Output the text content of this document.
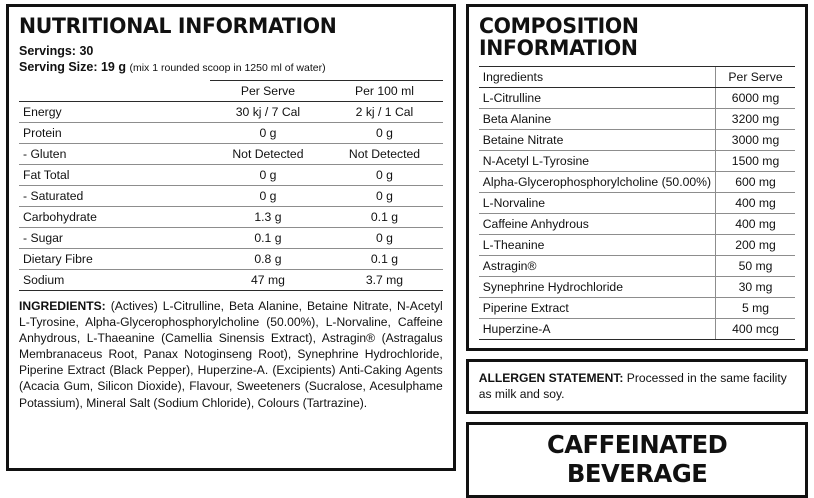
NUTRITIONAL INFORMATION
Servings: 30
Serving Size: 19 g (mix 1 rounded scoop in 1250 ml of water)
	Per Serve	Per 100 ml
Energy	30 kj / 7 Cal	2 kj / 1 Cal
Protein	0 g	0 g
- Gluten	Not Detected	Not Detected
Fat Total	0 g	0 g
- Saturated	0 g	0 g
Carbohydrate	1.3 g	0.1 g
- Sugar	0.1 g	0 g
Dietary Fibre	0.8 g	0.1 g
Sodium	47 mg	3.7 mg
INGREDIENTS: (Actives) L-Citrulline, Beta Alanine, Betaine Nitrate, N-Acetyl L-Tyrosine, Alpha-Glycerophosphorylcholine (50.00%), L-Norvaline, Caffeine Anhydrous, L-Thaeanine (Camellia Sinensis Extract), Astragin® (Astragalus Membranaceus Root, Panax Notoginseng Root), Synephrine Hydrochloride, Piperine Extract (Black Pepper), Huperzine-A. (Excipients) Anti-Caking Agents (Acacia Gum, Silicon Dioxide), Flavour, Sweeteners (Sucralose, Acesulphame Potassium), Mineral Salt (Sodium Chloride), Colours (Tartrazine).
COMPOSITION INFORMATION
Ingredients	Per Serve
L-Citrulline	6000 mg
Beta Alanine	3200 mg
Betaine Nitrate	3000 mg
N-Acetyl L-Tyrosine	1500 mg
Alpha-Glycerophosphorylcholine (50.00%)	600 mg
L-Norvaline	400 mg
Caffeine Anhydrous	400 mg
L-Theanine	200 mg
Astragin®	50 mg
Synephrine Hydrochloride	30 mg
Piperine Extract	5 mg
Huperzine-A	400 mcg
ALLERGEN STATEMENT: Processed in the same facility as milk and soy.
CAFFEINATED BEVERAGE
